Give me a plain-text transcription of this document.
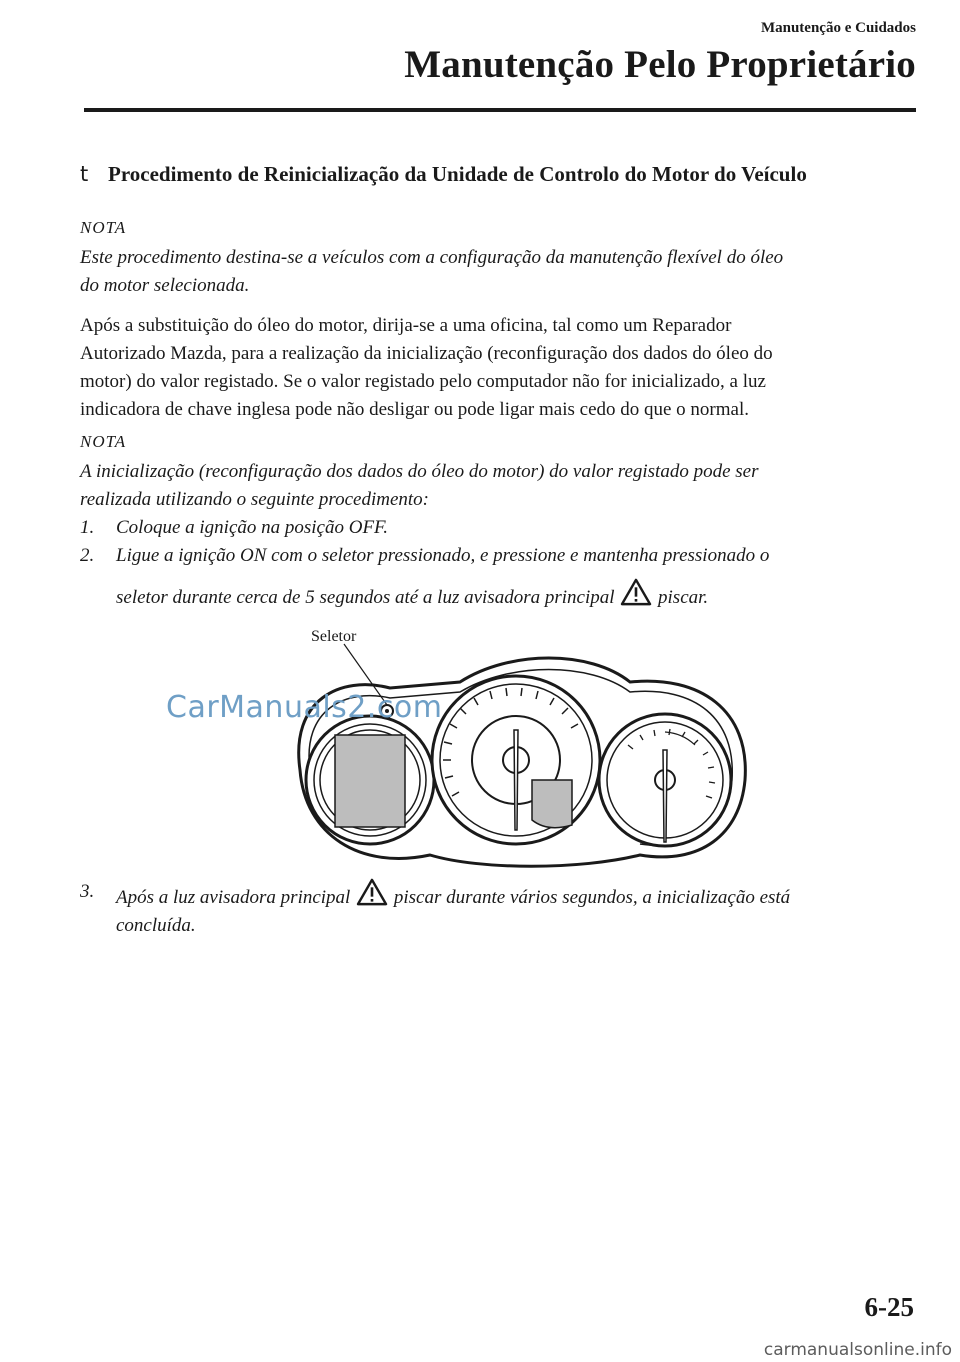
Manutenção e Cuidados
Manutenção Pelo Proprietário
t Procedimento de Reinicialização da Unidade de Controlo do Motor do Veículo
NOTA
Este procedimento destina-se a veículos com a configuração da manutenção flexível do óleo
do motor selecionada.
Após a substituição do óleo do motor, dirija-se a uma oficina, tal como um Reparador
Autorizado Mazda, para a realização da inicialização (reconfiguração dos dados do óleo do
motor) do valor registado. Se o valor registado pelo computador não for inicializado, a luz
indicadora de chave inglesa pode não desligar ou pode ligar mais cedo do que o normal.
NOTA
A inicialização (reconfiguração dos dados do óleo do motor) do valor registado pode ser
realizada utilizando o seguinte procedimento:
1. Coloque a ignição na posição OFF.
2. Ligue a ignição ON com o seletor pressionado, e pressione e mantenha pressionado o
seletor durante cerca de 5 segundos até a luz avisadora principal piscar.
Seletor
CarManuals2.com
3. Após a luz avisadora principal piscar durante vários segundos, a inicialização está
concluída.
6-25
carmanualsonline.info
